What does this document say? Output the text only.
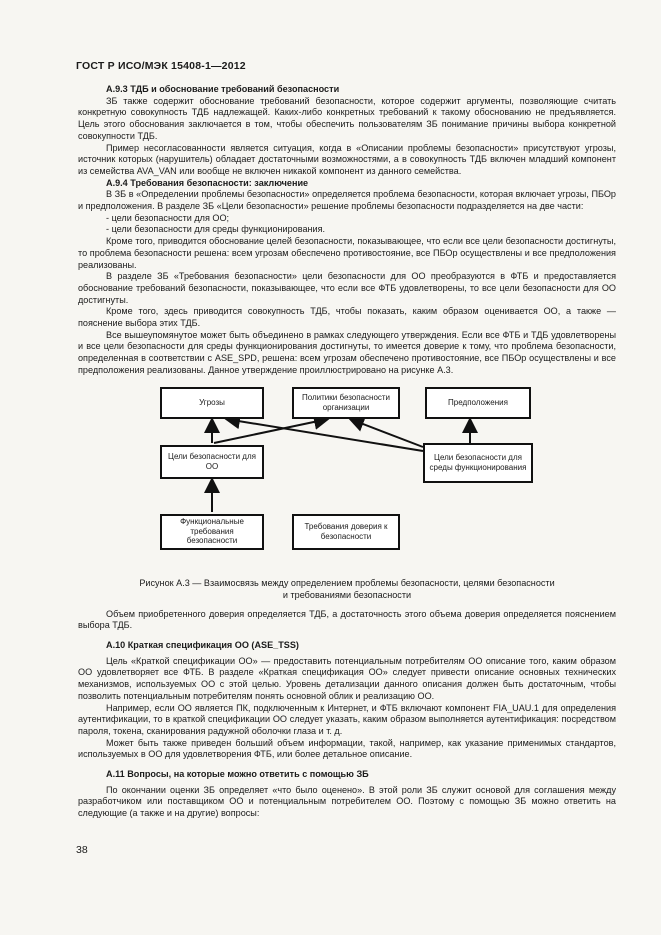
ГОСТ Р ИСО/МЭК 15408-1—2012
А.9.3 ТДБ и обоснование требований безопасности

ЗБ также содержит обоснование требований безопасности, которое содержит аргументы, позволяющие считать конкретную совокупность ТДБ надлежащей. Каких-либо конкретных требований к такому обоснованию не предъявляется. Цель этого обоснования заключается в том, чтобы обеспечить пользователям ЗБ понимание причины выбора конкретной совокупности ТДБ.

Пример несогласованности является ситуация, когда в «Описании проблемы безопасности» присутствуют угрозы, источник которых (нарушитель) обладает достаточными возможностями, а в совокупность ТДБ включен младший компонент из семейства AVA_VAN или вообще не включен никакой компонент из данного семейства.

А.9.4 Требования безопасности: заключение

В ЗБ в «Определении проблемы безопасности» определяется проблема безопасности, которая включает угрозы, ПБОр и предположения. В разделе ЗБ «Цели безопасности» решение проблемы безопасности подразделяется на две части:

- цели безопасности для ОО;

- цели безопасности для среды функционирования.

Кроме того, приводится обоснование целей безопасности, показывающее, что если все цели безопасности достигнуты, то проблема безопасности решена: всем угрозам обеспечено противостояние, все ПБОр осуществлены и все предположения реализованы.

В разделе ЗБ «Требования безопасности» цели безопасности для ОО преобразуются в ФТБ и предоставляется обоснование требований безопасности, показывающее, что если все ФТБ удовлетворены, то все цели безопасности для ОО достигнуты.

Кроме того, здесь приводится совокупность ТДБ, чтобы показать, каким образом оценивается ОО, а также — пояснение выбора этих ТДБ.

Все вышеупомянутое может быть объединено в рамках следующего утверждения. Если все ФТБ и ТДБ удовлетворены и все цели безопасности для среды функционирования достигнуты, то имеется доверие к тому, что проблема безопасности, определенная в соответствии с ASE_SPD, решена: всем угрозам обеспечено противостояние, все ПБОр осуществлены и все предположения реализованы. Данное утверждение проиллюстрировано на рисунке А.3.

Угрозы
Политики безопасности организации
Предположения
Цели безопасности для ОО
Цели безопасности для среды функционирования
Функциональные требования безопасности
Требования доверия к безопасности
Рисунок А.3 — Взаимосвязь между определением проблемы безопасности, целями безопасности
и требованиями безопасности

Объем приобретенного доверия определяется ТДБ, а достаточность этого объема доверия определяется пояснением выбора ТДБ.

А.10 Краткая спецификация ОО (ASE_TSS)

Цель «Краткой спецификации ОО» — предоставить потенциальным потребителям ОО описание того, каким образом ОО удовлетворяет все ФТБ. В разделе «Краткая спецификация ОО» следует привести описание основных технических механизмов, используемых ОО с этой целью. Уровень детализации данного описания должен быть достаточным, чтобы позволить потенциальным потребителям понять основной облик и реализацию ОО.

Например, если ОО является ПК, подключенным к Интернет, и ФТБ включают компонент FIA_UAU.1 для определения аутентификации, то в краткой спецификации ОО следует указать, каким образом выполняется аутентификация: посредством пароля, токена, сканирования радужной оболочки глаза и т. д.

Может быть также приведен больший объем информации, такой, например, как указание применимых стандартов, используемых в ОО для удовлетворения ФТБ, или более детальное описание.

А.11 Вопросы, на которые можно ответить с помощью ЗБ

По окончании оценки ЗБ определяет «что было оценено». В этой роли ЗБ служит основой для соглашения между разработчиком или поставщиком ОО и потенциальным потребителем ОО. Поэтому с помощью ЗБ можно ответить на следующие (а также и на другие) вопросы:

38
